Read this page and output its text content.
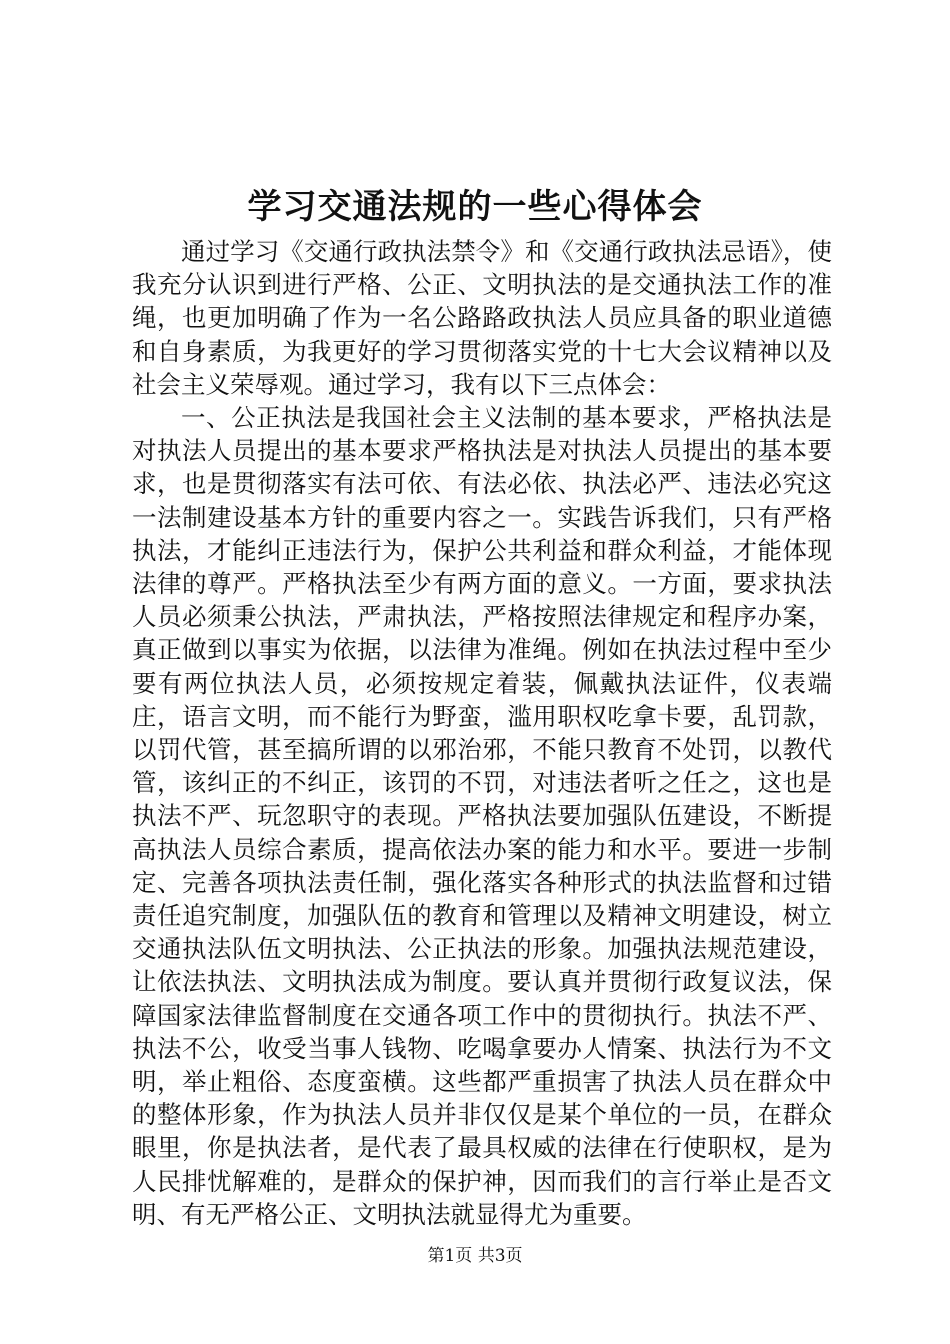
学习交通法规的一些心得体会

通过学习《交通行政执法禁令》和《交通行政执法忌语》，使我充分认识到进行严格、公正、文明执法的是交通执法工作的准绳，也更加明确了作为一名公路路政执法人员应具备的职业道德和自身素质，为我更好的学习贯彻落实党的十七大会议精神以及社会主义荣辱观。通过学习，我有以下三点体会：

一、公正执法是我国社会主义法制的基本要求，严格执法是对执法人员提出的基本要求严格执法是对执法人员提出的基本要求，也是贯彻落实有法可依、有法必依、执法必严、违法必究这一法制建设基本方针的重要内容之一。实践告诉我们，只有严格执法，才能纠正违法行为，保护公共利益和群众利益，才能体现法律的尊严。严格执法至少有两方面的意义。一方面，要求执法人员必须秉公执法，严肃执法，严格按照法律规定和程序办案，真正做到以事实为依据，以法律为准绳。例如在执法过程中至少要有两位执法人员，必须按规定着装，佩戴执法证件，仪表端庄，语言文明，而不能行为野蛮，滥用职权吃拿卡要，乱罚款，以罚代管，甚至搞所谓的以邪治邪，不能只教育不处罚，以教代管，该纠正的不纠正，该罚的不罚，对违法者听之任之，这也是执法不严、玩忽职守的表现。严格执法要加强队伍建设，不断提高执法人员综合素质，提高依法办案的能力和水平。要进一步制定、完善各项执法责任制，强化落实各种形式的执法监督和过错责任追究制度，加强队伍的教育和管理以及精神文明建设，树立交通执法队伍文明执法、公正执法的形象。加强执法规范建设，让依法执法、文明执法成为制度。要认真并贯彻行政复议法，保障国家法律监督制度在交通各项工作中的贯彻执行。执法不严、执法不公，收受当事人钱物、吃喝拿要办人情案、执法行为不文明，举止粗俗、态度蛮横。这些都严重损害了执法人员在群众中的整体形象，作为执法人员并非仅仅是某个单位的一员，在群众眼里，你是执法者，是代表了最具权威的法律在行使职权，是为人民排忧解难的，是群众的保护神，因而我们的言行举止是否文明、有无严格公正、文明执法就显得尤为重要。

第1页 共3页
